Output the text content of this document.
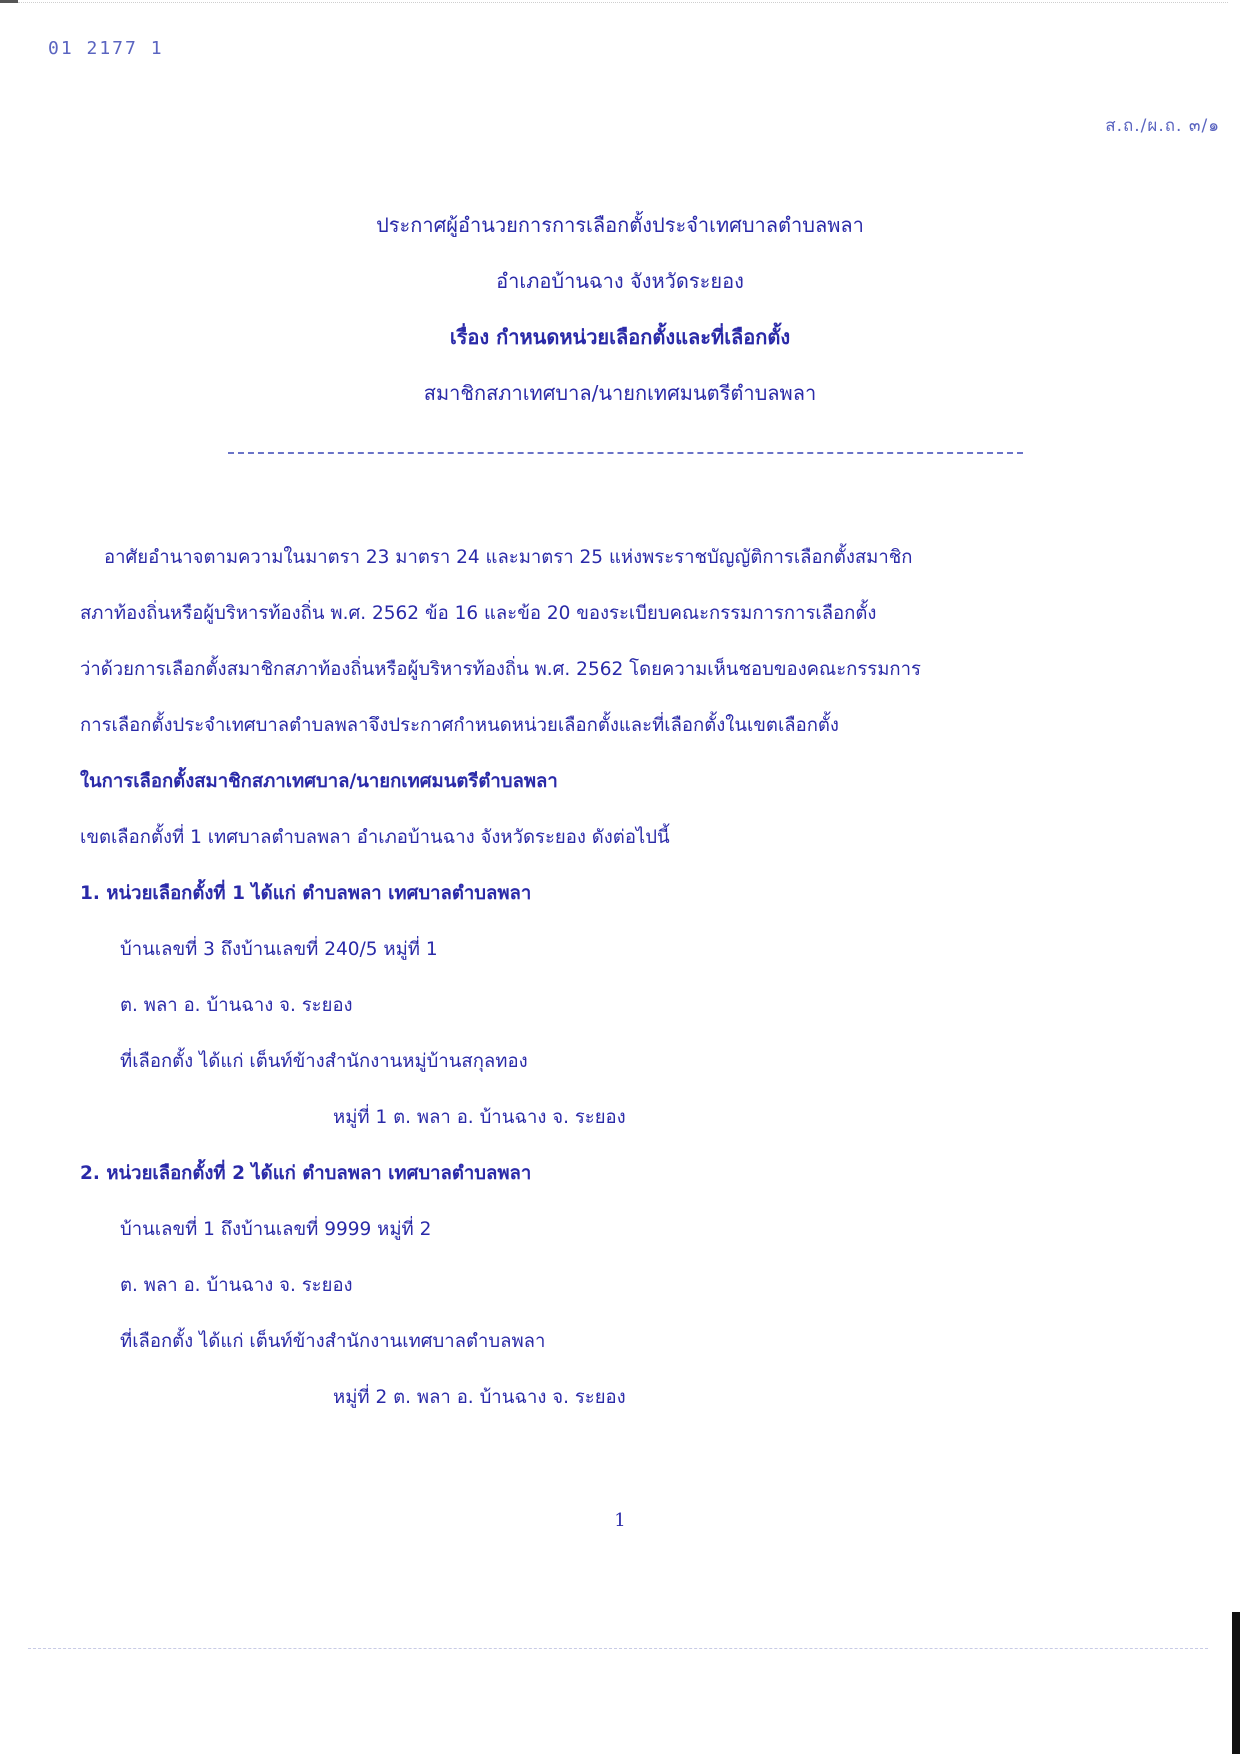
01 2177 1
ส.ถ./ผ.ถ. ๓/๑
ประกาศผู้อำนวยการการเลือกตั้งประจำเทศบาลตำบลพลา
อำเภอบ้านฉาง จังหวัดระยอง
เรื่อง กำหนดหน่วยเลือกตั้งและที่เลือกตั้ง
สมาชิกสภาเทศบาล/นายกเทศมนตรีตำบลพลา
อาศัยอำนาจตามความในมาตรา 23 มาตรา 24 และมาตรา 25 แห่งพระราชบัญญัติการเลือกตั้งสมาชิก
สภาท้องถิ่นหรือผู้บริหารท้องถิ่น พ.ศ. 2562 ข้อ 16 และข้อ 20 ของระเบียบคณะกรรมการการเลือกตั้ง
ว่าด้วยการเลือกตั้งสมาชิกสภาท้องถิ่นหรือผู้บริหารท้องถิ่น พ.ศ. 2562 โดยความเห็นชอบของคณะกรรมการ
การเลือกตั้งประจำเทศบาลตำบลพลาจึงประกาศกำหนดหน่วยเลือกตั้งและที่เลือกตั้งในเขตเลือกตั้ง
ในการเลือกตั้งสมาชิกสภาเทศบาล/นายกเทศมนตรีตำบลพลา
เขตเลือกตั้งที่ 1 เทศบาลตำบลพลา อำเภอบ้านฉาง จังหวัดระยอง ดังต่อไปนี้
1. หน่วยเลือกตั้งที่ 1 ได้แก่ ตำบลพลา เทศบาลตำบลพลา
บ้านเลขที่ 3 ถึงบ้านเลขที่ 240/5 หมู่ที่ 1
ต. พลา อ. บ้านฉาง จ. ระยอง
ที่เลือกตั้ง ได้แก่ เต็นท์ข้างสำนักงานหมู่บ้านสกุลทอง
หมู่ที่ 1 ต. พลา อ. บ้านฉาง จ. ระยอง
2. หน่วยเลือกตั้งที่ 2 ได้แก่ ตำบลพลา เทศบาลตำบลพลา
บ้านเลขที่ 1 ถึงบ้านเลขที่ 9999 หมู่ที่ 2
ต. พลา อ. บ้านฉาง จ. ระยอง
ที่เลือกตั้ง ได้แก่ เต็นท์ข้างสำนักงานเทศบาลตำบลพลา
หมู่ที่ 2 ต. พลา อ. บ้านฉาง จ. ระยอง
1
